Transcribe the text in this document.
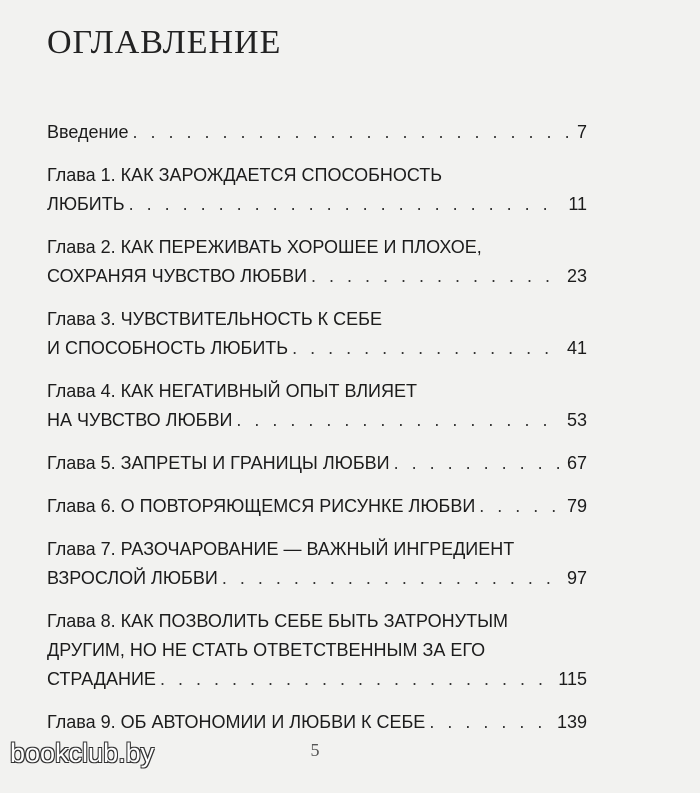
ОГЛАВЛЕНИЕ
Введение . . .	7
Глава 1. КАК ЗАРОЖДАЕТСЯ СПОСОБНОСТЬ
ЛЮБИТЬ . . .	11
Глава 2. КАК ПЕРЕЖИВАТЬ ХОРОШЕЕ И ПЛОХОЕ,
СОХРАНЯЯ ЧУВСТВО ЛЮБВИ . . .	23
Глава 3. ЧУВСТВИТЕЛЬНОСТЬ К СЕБЕ
И СПОСОБНОСТЬ ЛЮБИТЬ . . .	41
Глава 4. КАК НЕГАТИВНЫЙ ОПЫТ ВЛИЯЕТ
НА ЧУВСТВО ЛЮБВИ . . .	53
Глава 5. ЗАПРЕТЫ И ГРАНИЦЫ ЛЮБВИ . . .	67
Глава 6. О ПОВТОРЯЮЩЕМСЯ РИСУНКЕ ЛЮБВИ . . .	79
Глава 7. РАЗОЧАРОВАНИЕ — ВАЖНЫЙ ИНГРЕДИЕНТ
ВЗРОСЛОЙ ЛЮБВИ . . .	97
Глава 8. КАК ПОЗВОЛИТЬ СЕБЕ БЫТЬ ЗАТРОНУТЫМ
ДРУГИМ, НО НЕ СТАТЬ ОТВЕТСТВЕННЫМ ЗА ЕГО
СТРАДАНИЕ . . .	115
Глава 9. ОБ АВТОНОМИИ И ЛЮБВИ К СЕБЕ . . .	139
5
bookclub.by
